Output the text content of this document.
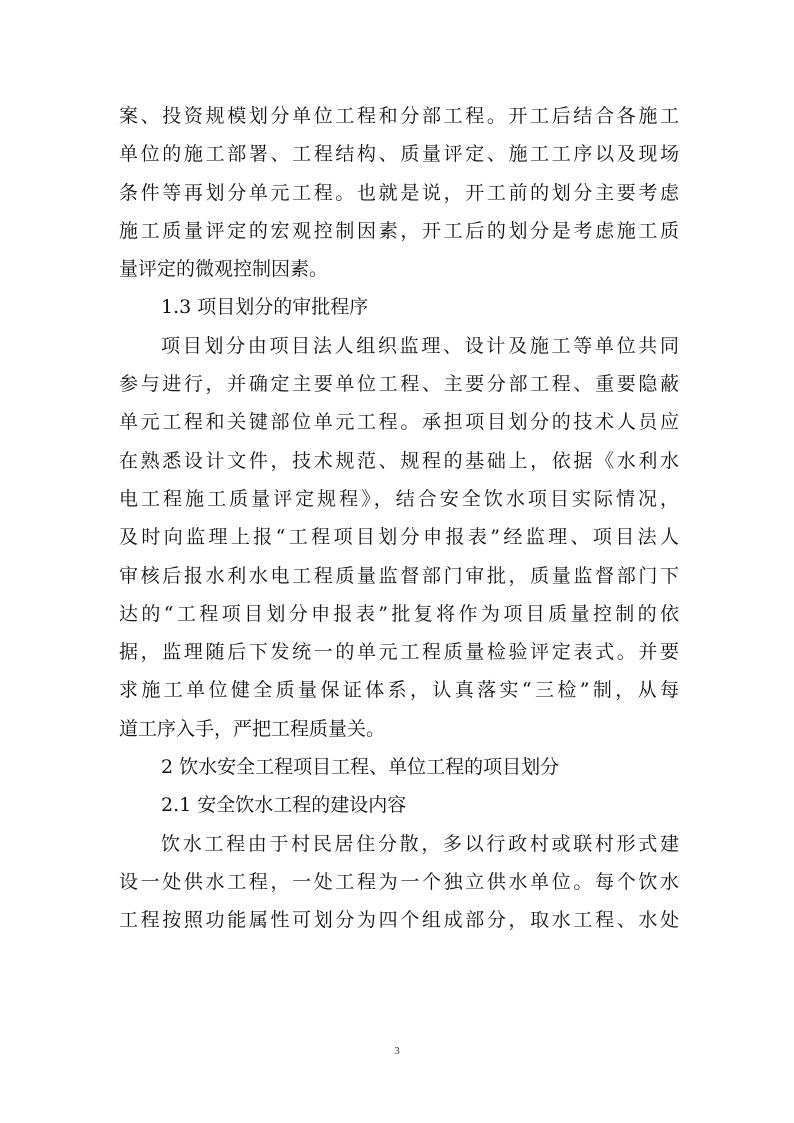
案、投资规模划分单位工程和分部工程。开工后结合各施工
单位的施工部署、工程结构、质量评定、施工工序以及现场
条件等再划分单元工程。也就是说，开工前的划分主要考虑
施工质量评定的宏观控制因素，开工后的划分是考虑施工质
量评定的微观控制因素。
1.3 项目划分的审批程序
项目划分由项目法人组织监理、设计及施工等单位共同
参与进行，并确定主要单位工程、主要分部工程、重要隐蔽
单元工程和关键部位单元工程。承担项目划分的技术人员应
在熟悉设计文件，技术规范、规程的基础上，依据《水利水
电工程施工质量评定规程》，结合安全饮水项目实际情况，
及时向监理上报“工程项目划分申报表”经监理、项目法人
审核后报水利水电工程质量监督部门审批，质量监督部门下
达的“工程项目划分申报表”批复将作为项目质量控制的依
据，监理随后下发统一的单元工程质量检验评定表式。并要
求施工单位健全质量保证体系，认真落实“三检”制，从每
道工序入手，严把工程质量关。
2 饮水安全工程项目工程、单位工程的项目划分
2.1 安全饮水工程的建设内容
饮水工程由于村民居住分散，多以行政村或联村形式建
设一处供水工程，一处工程为一个独立供水单位。每个饮水
工程按照功能属性可划分为四个组成部分，取水工程、水处
3
